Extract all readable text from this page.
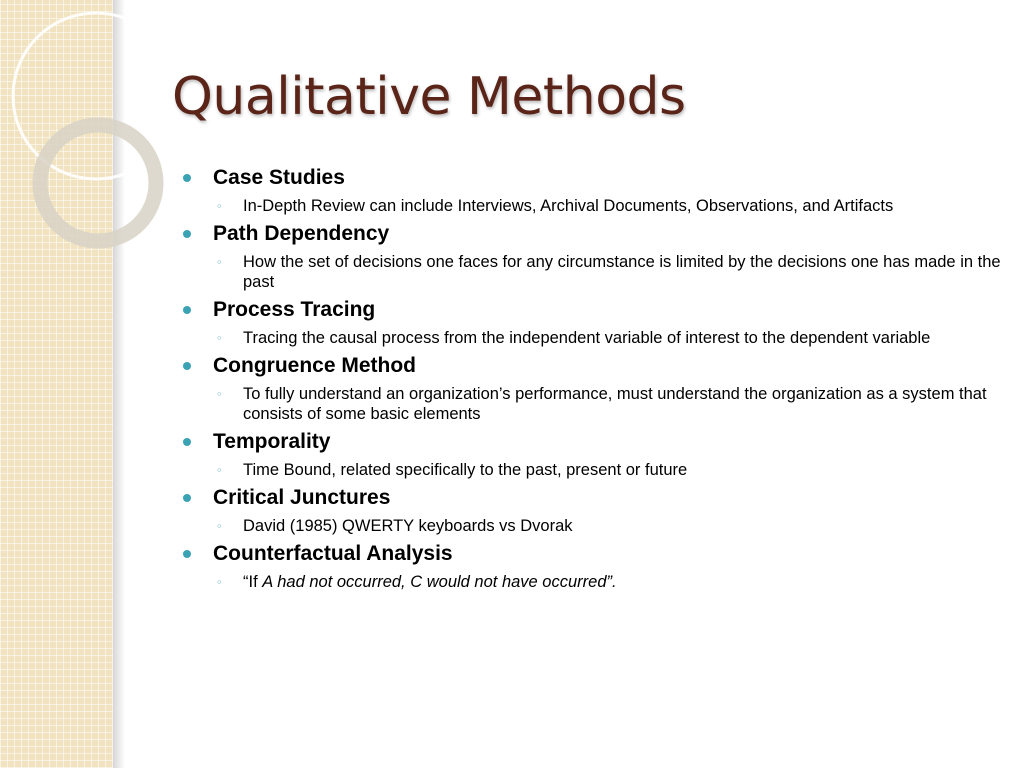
Qualitative Methods
Case Studies
◦ In-Depth Review can include Interviews, Archival Documents, Observations, and Artifacts
Path Dependency
◦ How the set of decisions one faces for any circumstance is limited by the decisions one has made in the past
Process Tracing
◦ Tracing the causal process from the independent variable of interest to the dependent variable
Congruence Method
◦ To fully understand an organization’s performance, must understand the organization as a system that consists of some basic elements
Temporality
◦ Time Bound, related specifically to the past, present or future
Critical Junctures
◦ David (1985) QWERTY keyboards vs Dvorak
Counterfactual Analysis
◦ “If A had not occurred, C would not have occurred”.
